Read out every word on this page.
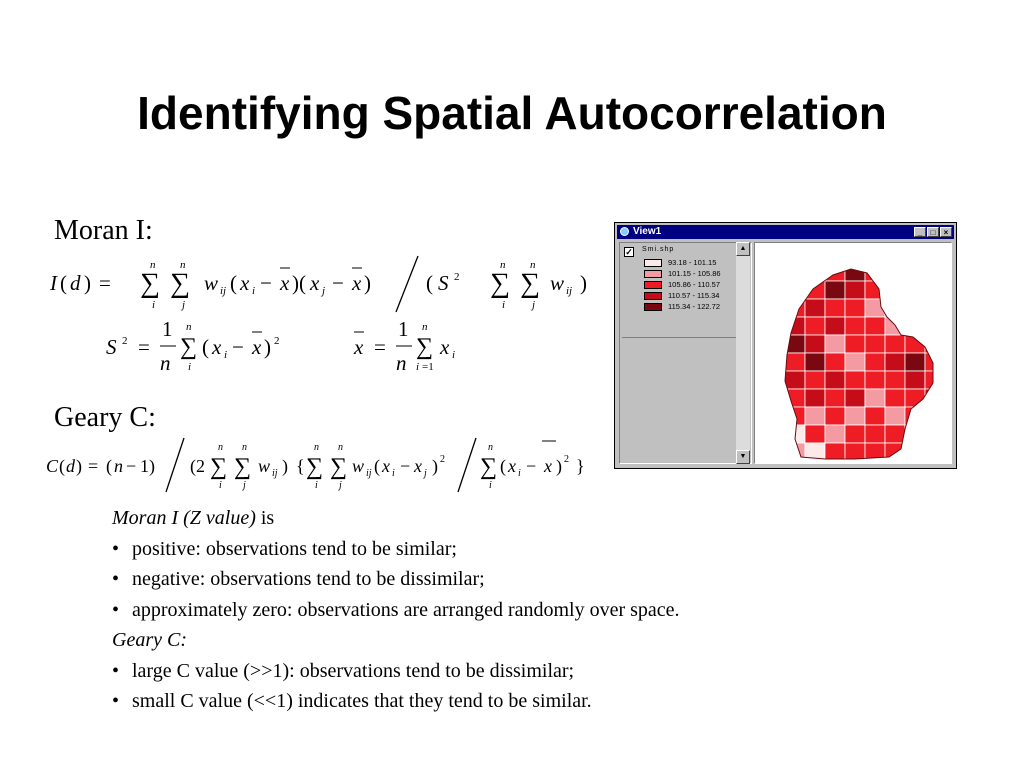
Identifying Spatial Autocorrelation
Moran I:
I ( d ) =
n
∑
i
n
∑
j
w ij ( x i − x )( x j − x )	( S 2
n
∑
i
n
∑
j
w ij )
S 2 =
1
n
n
∑
i
( x i − x ) 2	x =
1
n
n
∑
i =1
x i
Geary C:
C ( d ) = ( n − 1) (2
n
∑
i
n
∑
j
w ij ) {
n
∑
i
n
∑
j
w ij ( x i − x j ) 2
n
∑
i
( x i − x ) 2 }
View1	_	□	×
✓ Smi.shp
93.18 - 101.15
101.15 - 105.86
105.86 - 110.57
110.57 - 115.34
115.34 - 122.72
▲
▼
Moran I (Z value) is
• positive: observations tend to be similar;
• negative: observations tend to be dissimilar;
• approximately zero: observations are arranged randomly over space.
Geary C:
• large C value (>>1): observations tend to be dissimilar;
• small C value (<<1) indicates that they tend to be similar.
